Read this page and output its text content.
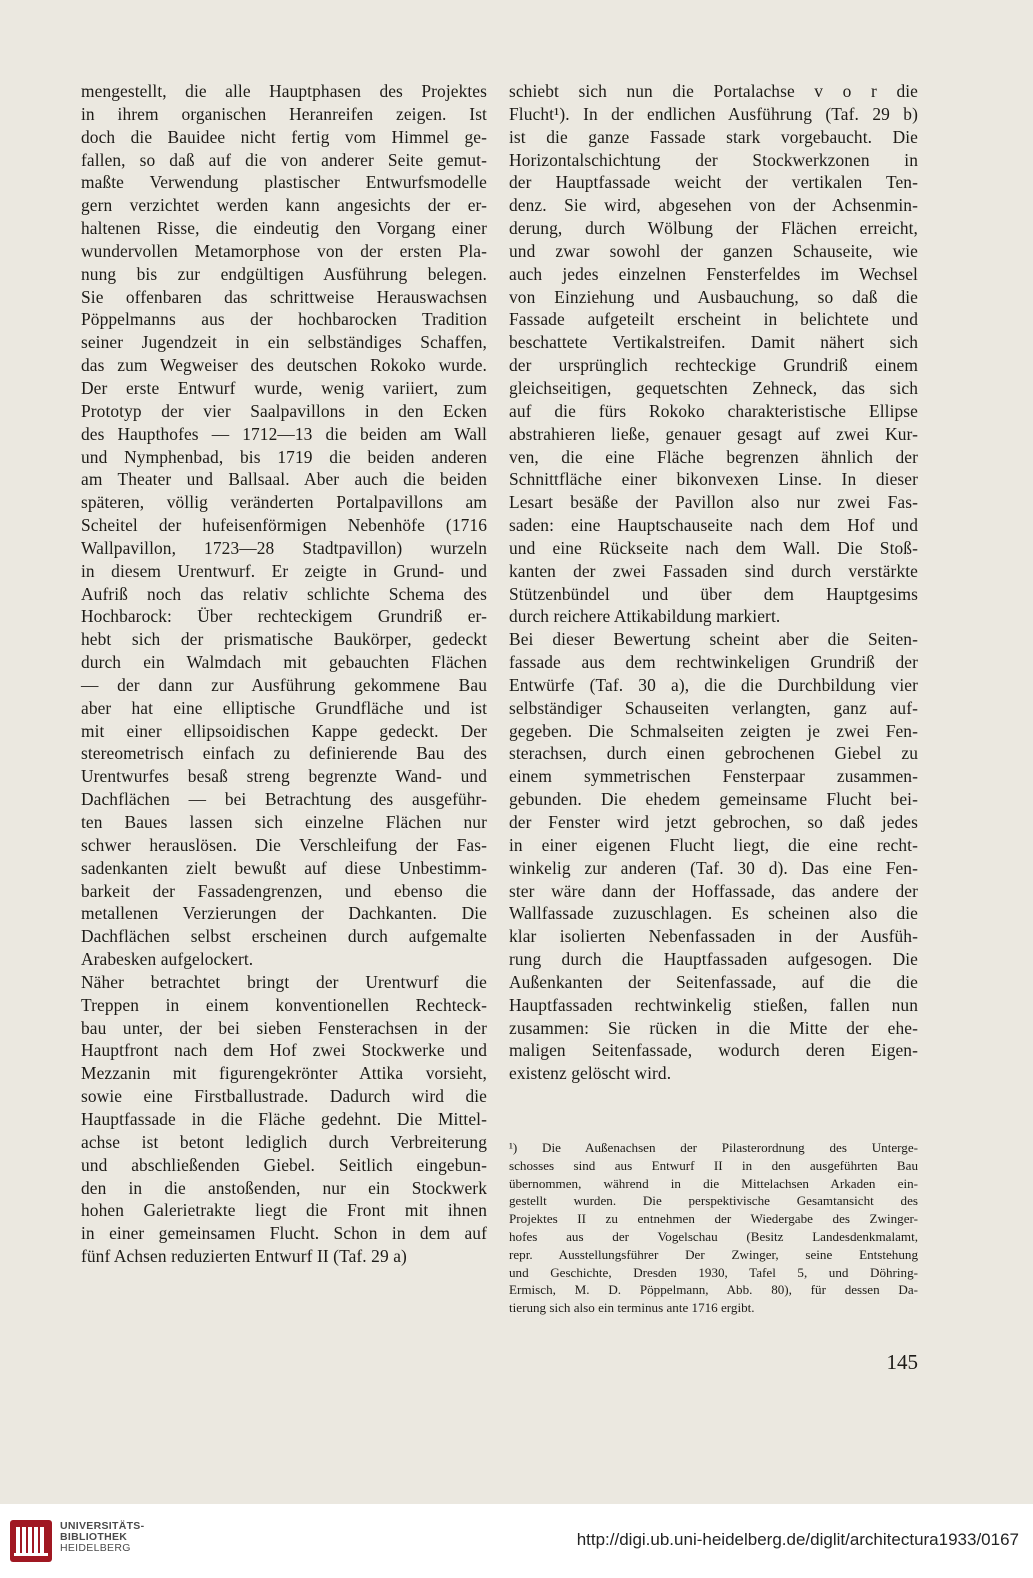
mengestellt, die alle Hauptphasen des Projektes
in ihrem organischen Heranreifen zeigen. Ist
doch die Bauidee nicht fertig vom Himmel ge-
fallen, so daß auf die von anderer Seite gemut-
maßte Verwendung plastischer Entwurfsmodelle
gern verzichtet werden kann angesichts der er-
haltenen Risse, die eindeutig den Vorgang einer
wundervollen Metamorphose von der ersten Pla-
nung bis zur endgültigen Ausführung belegen.
Sie offenbaren das schrittweise Herauswachsen
Pöppelmanns aus der hochbarocken Tradition
seiner Jugendzeit in ein selbständiges Schaffen,
das zum Wegweiser des deutschen Rokoko wurde.
Der erste Entwurf wurde, wenig variiert, zum
Prototyp der vier Saalpavillons in den Ecken
des Haupthofes — 1712—13 die beiden am Wall
und Nymphenbad, bis 1719 die beiden anderen
am Theater und Ballsaal. Aber auch die beiden
späteren, völlig veränderten Portalpavillons am
Scheitel der hufeisenförmigen Nebenhöfe (1716
Wallpavillon, 1723—28 Stadtpavillon) wurzeln
in diesem Urentwurf. Er zeigte in Grund- und
Aufriß noch das relativ schlichte Schema des
Hochbarock: Über rechteckigem Grundriß er-
hebt sich der prismatische Baukörper, gedeckt
durch ein Walmdach mit gebauchten Flächen
— der dann zur Ausführung gekommene Bau
aber hat eine elliptische Grundfläche und ist
mit einer ellipsoidischen Kappe gedeckt. Der
stereometrisch einfach zu definierende Bau des
Urentwurfes besaß streng begrenzte Wand- und
Dachflächen — bei Betrachtung des ausgeführ-
ten Baues lassen sich einzelne Flächen nur
schwer herauslösen. Die Verschleifung der Fas-
sadenkanten zielt bewußt auf diese Unbestimm-
barkeit der Fassadengrenzen, und ebenso die
metallenen Verzierungen der Dachkanten. Die
Dachflächen selbst erscheinen durch aufgemalte
Arabesken aufgelockert.
Näher betrachtet bringt der Urentwurf die
Treppen in einem konventionellen Rechteck-
bau unter, der bei sieben Fensterachsen in der
Hauptfront nach dem Hof zwei Stockwerke und
Mezzanin mit figurengekrönter Attika vorsieht,
sowie eine Firstballustrade. Dadurch wird die
Hauptfassade in die Fläche gedehnt. Die Mittel-
achse ist betont lediglich durch Verbreiterung
und abschließenden Giebel. Seitlich eingebun-
den in die anstoßenden, nur ein Stockwerk
hohen Galerietrakte liegt die Front mit ihnen
in einer gemeinsamen Flucht. Schon in dem auf
fünf Achsen reduzierten Entwurf II (Taf. 29 a)
schiebt sich nun die Portalachse v o r die
Flucht¹). In der endlichen Ausführung (Taf. 29 b)
ist die ganze Fassade stark vorgebaucht. Die
Horizontalschichtung der Stockwerkzonen in
der Hauptfassade weicht der vertikalen Ten-
denz. Sie wird, abgesehen von der Achsenmin-
derung, durch Wölbung der Flächen erreicht,
und zwar sowohl der ganzen Schauseite, wie
auch jedes einzelnen Fensterfeldes im Wechsel
von Einziehung und Ausbauchung, so daß die
Fassade aufgeteilt erscheint in belichtete und
beschattete Vertikalstreifen. Damit nähert sich
der ursprünglich rechteckige Grundriß einem
gleichseitigen, gequetschten Zehneck, das sich
auf die fürs Rokoko charakteristische Ellipse
abstrahieren ließe, genauer gesagt auf zwei Kur-
ven, die eine Fläche begrenzen ähnlich der
Schnittfläche einer bikonvexen Linse. In dieser
Lesart besäße der Pavillon also nur zwei Fas-
saden: eine Hauptschauseite nach dem Hof und
und eine Rückseite nach dem Wall. Die Stoß-
kanten der zwei Fassaden sind durch verstärkte
Stützenbündel und über dem Hauptgesims
durch reichere Attikabildung markiert.
Bei dieser Bewertung scheint aber die Seiten-
fassade aus dem rechtwinkeligen Grundriß der
Entwürfe (Taf. 30 a), die die Durchbildung vier
selbständiger Schauseiten verlangten, ganz auf-
gegeben. Die Schmalseiten zeigten je zwei Fen-
sterachsen, durch einen gebrochenen Giebel zu
einem symmetrischen Fensterpaar zusammen-
gebunden. Die ehedem gemeinsame Flucht bei-
der Fenster wird jetzt gebrochen, so daß jedes
in einer eigenen Flucht liegt, die eine recht-
winkelig zur anderen (Taf. 30 d). Das eine Fen-
ster wäre dann der Hoffassade, das andere der
Wallfassade zuzuschlagen. Es scheinen also die
klar isolierten Nebenfassaden in der Ausfüh-
rung durch die Hauptfassaden aufgesogen. Die
Außenkanten der Seitenfassade, auf die die
Hauptfassaden rechtwinkelig stießen, fallen nun
zusammen: Sie rücken in die Mitte der ehe-
maligen Seitenfassade, wodurch deren Eigen-
existenz gelöscht wird.
¹) Die Außenachsen der Pilasterordnung des Unterge-
schosses sind aus Entwurf II in den ausgeführten Bau
übernommen, während in die Mittelachsen Arkaden ein-
gestellt wurden. Die perspektivische Gesamtansicht des
Projektes II zu entnehmen der Wiedergabe des Zwinger-
hofes aus der Vogelschau (Besitz Landesdenkmalamt,
repr. Ausstellungsführer Der Zwinger, seine Entstehung
und Geschichte, Dresden 1930, Tafel 5, und Döhring-
Ermisch, M. D. Pöppelmann, Abb. 80), für dessen Da-
tierung sich also ein terminus ante 1716 ergibt.
145
UNIVERSITÄTS-
BIBLIOTHEK
HEIDELBERG	http://digi.ub.uni-heidelberg.de/diglit/architectura1933/0167
